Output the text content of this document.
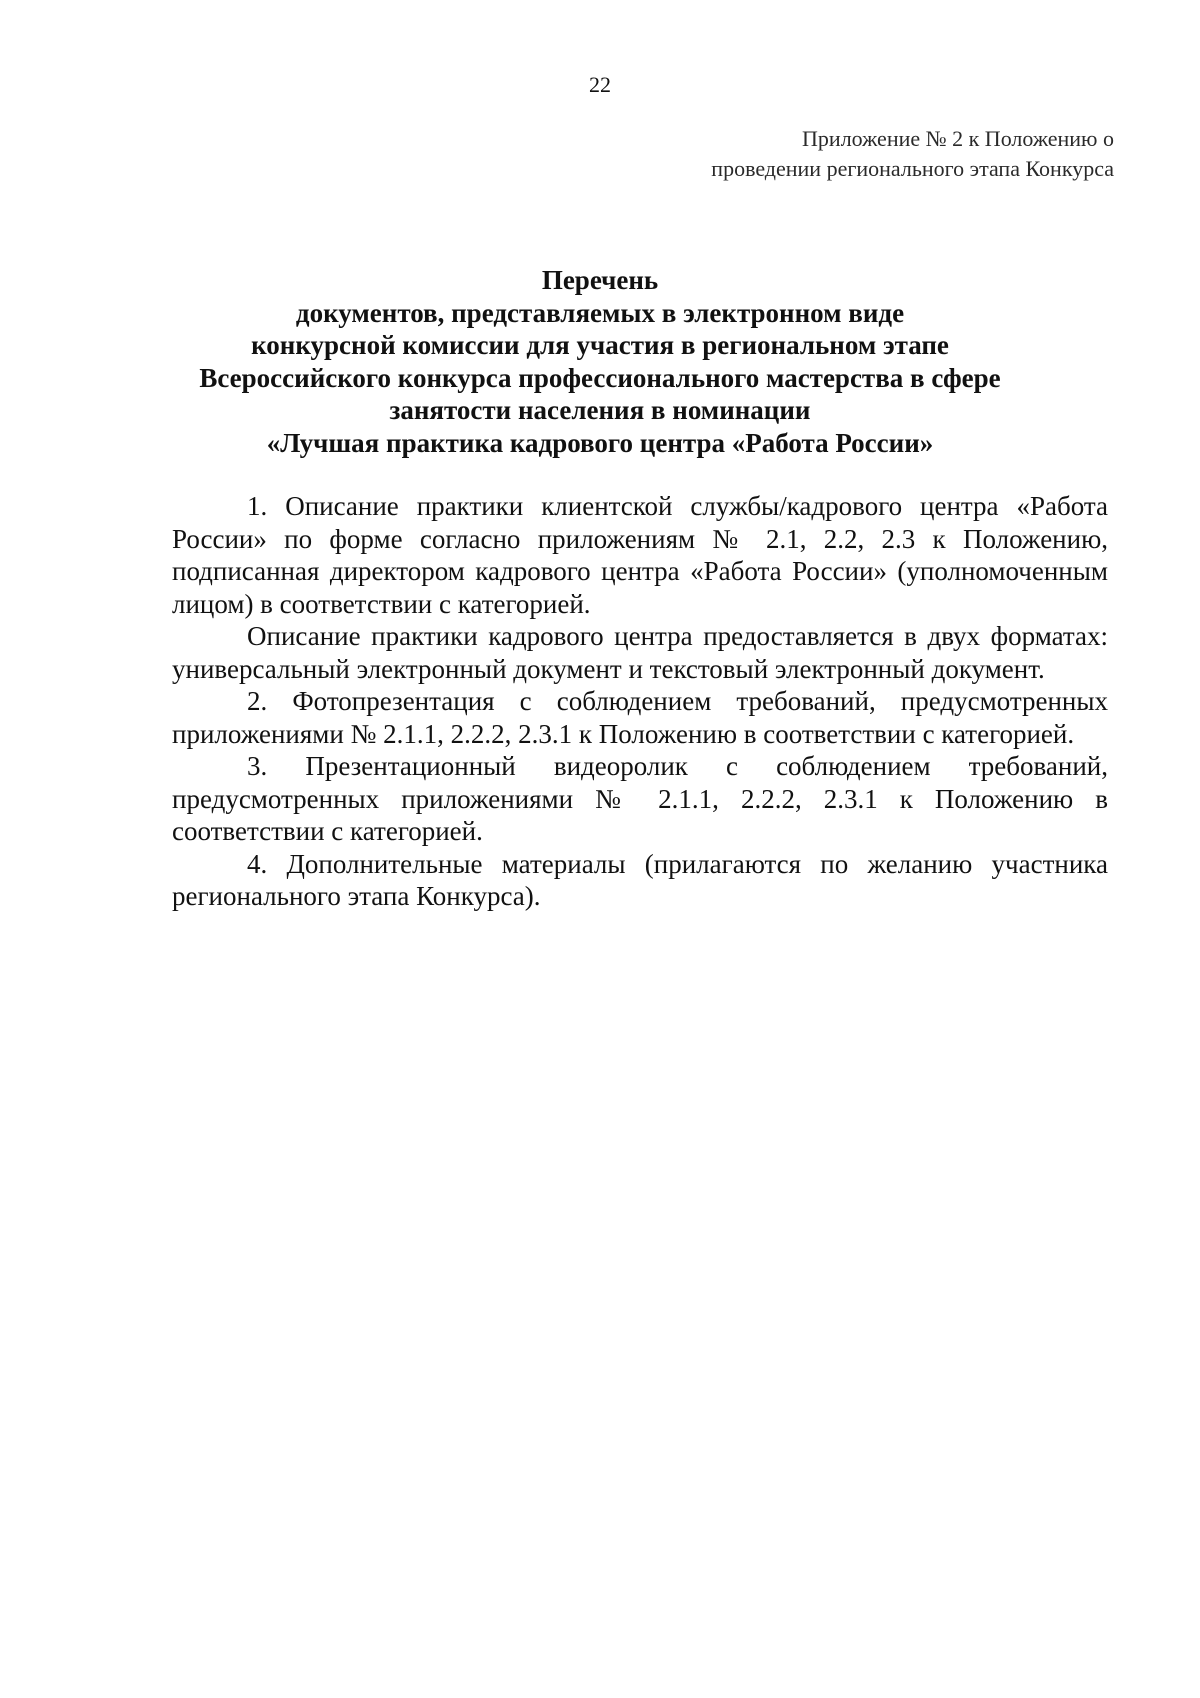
22
Приложение № 2 к Положению о
проведении регионального этапа Конкурса
Перечень
документов, представляемых в электронном виде
конкурсной комиссии для участия в региональном этапе
Всероссийского конкурса профессионального мастерства в сфере
занятости населения в номинации
«Лучшая практика кадрового центра «Работа России»

1. Описание практики клиентской службы/кадрового центра «Работа России» по форме согласно приложениям № 2.1, 2.2, 2.3 к Положению, подписанная директором кадрового центра «Работа России» (уполномоченным лицом) в соответствии с категорией.

Описание практики кадрового центра предоставляется в двух форматах: универсальный электронный документ и текстовый электронный документ.

2. Фотопрезентация с соблюдением требований, предусмотренных приложениями № 2.1.1, 2.2.2, 2.3.1 к Положению в соответствии с категорией.

3. Презентационный видеоролик с соблюдением требований, предусмотренных приложениями № 2.1.1, 2.2.2, 2.3.1 к Положению в соответствии с категорией.

4. Дополнительные материалы (прилагаются по желанию участника регионального этапа Конкурса).
